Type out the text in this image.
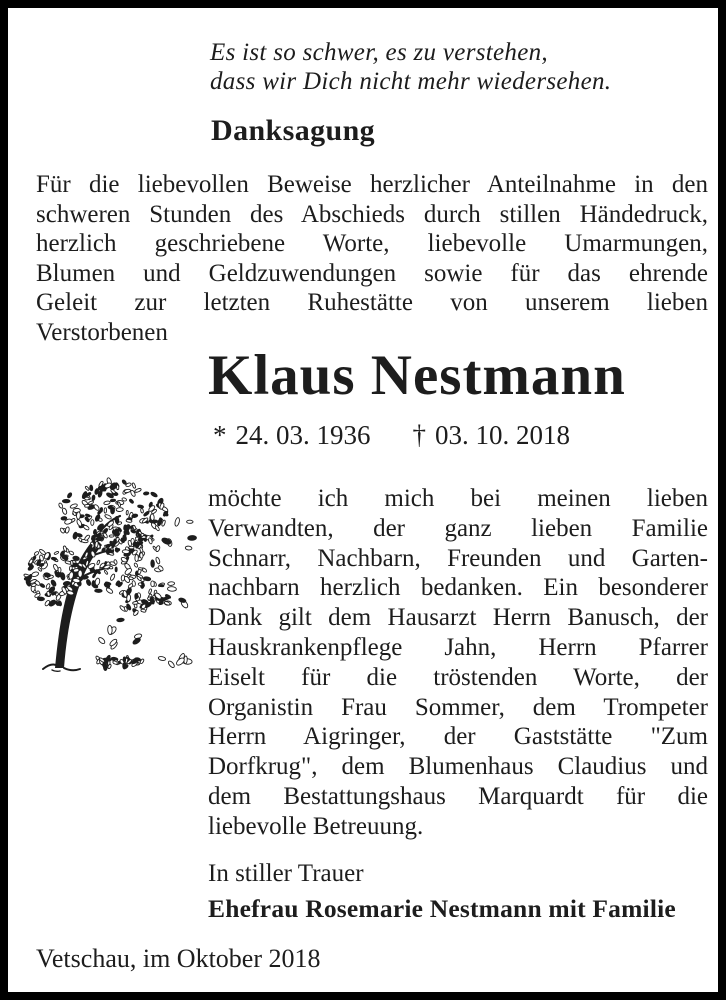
Es ist so schwer, es zu verstehen,
dass wir Dich nicht mehr wiedersehen.
Danksagung
Für die liebevollen Beweise herzlicher Anteilnahme in den
schweren Stunden des Abschieds durch stillen Händedruck,
herzlich geschriebene Worte, liebevolle Umarmungen,
Blumen und Geldzuwendungen sowie für das ehrende
Geleit zur letzten Ruhestätte von unserem lieben
Verstorbenen
Klaus Nestmann
* 24. 03. 1936 † 03. 10. 2018
möchte ich mich bei meinen lieben
Verwandten, der ganz lieben Familie
Schnarr, Nachbarn, Freunden und Garten-
nachbarn herzlich bedanken. Ein besonderer
Dank gilt dem Hausarzt Herrn Banusch, der
Hauskrankenpflege Jahn, Herrn Pfarrer
Eiselt für die tröstenden Worte, der
Organistin Frau Sommer, dem Trompeter
Herrn Aigringer, der Gaststätte "Zum
Dorfkrug", dem Blumenhaus Claudius und
dem Bestattungshaus Marquardt für die
liebevolle Betreuung.
In stiller Trauer
Ehefrau Rosemarie Nestmann mit Familie
Vetschau, im Oktober 2018
